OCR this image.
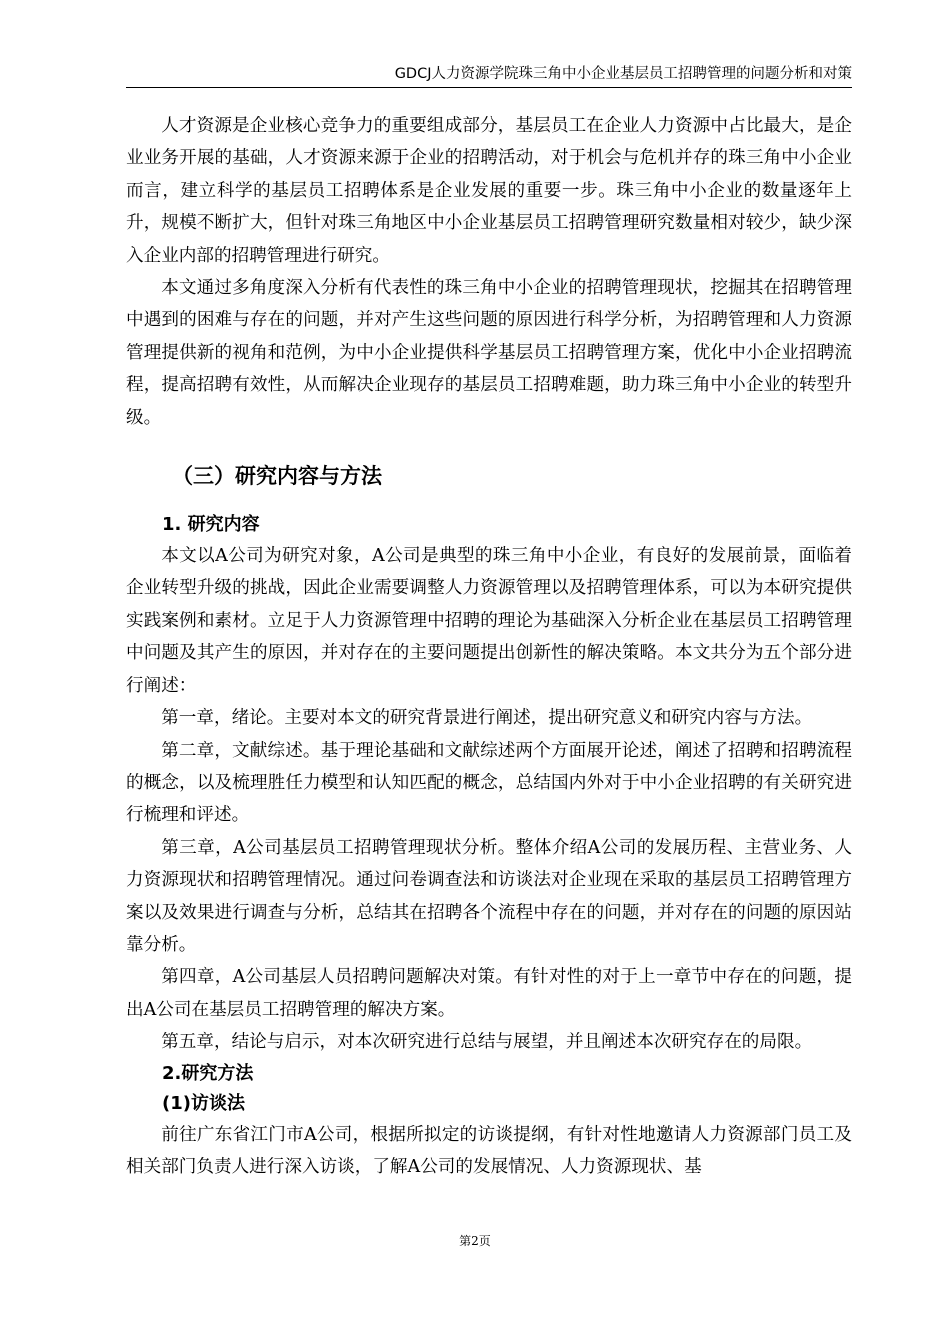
GDCJ人力资源学院珠三角中小企业基层员工招聘管理的问题分析和对策

人才资源是企业核心竞争力的重要组成部分，基层员工在企业人力资源中占比最大，是企业业务开展的基础，人才资源来源于企业的招聘活动，对于机会与危机并存的珠三角中小企业而言，建立科学的基层员工招聘体系是企业发展的重要一步。珠三角中小企业的数量逐年上升，规模不断扩大，但针对珠三角地区中小企业基层员工招聘管理研究数量相对较少，缺少深入企业内部的招聘管理进行研究。

本文通过多角度深入分析有代表性的珠三角中小企业的招聘管理现状，挖掘其在招聘管理中遇到的困难与存在的问题，并对产生这些问题的原因进行科学分析，为招聘管理和人力资源管理提供新的视角和范例，为中小企业提供科学基层员工招聘管理方案，优化中小企业招聘流程，提高招聘有效性，从而解决企业现存的基层员工招聘难题，助力珠三角中小企业的转型升级。

（三）研究内容与方法
1. 研究内容

本文以A公司为研究对象，A公司是典型的珠三角中小企业，有良好的发展前景，面临着企业转型升级的挑战，因此企业需要调整人力资源管理以及招聘管理体系，可以为本研究提供实践案例和素材。立足于人力资源管理中招聘的理论为基础深入分析企业在基层员工招聘管理中问题及其产生的原因，并对存在的主要问题提出创新性的解决策略。本文共分为五个部分进行阐述：

第一章，绪论。主要对本文的研究背景进行阐述，提出研究意义和研究内容与方法。

第二章，文献综述。基于理论基础和文献综述两个方面展开论述，阐述了招聘和招聘流程的概念，以及梳理胜任力模型和认知匹配的概念，总结国内外对于中小企业招聘的有关研究进行梳理和评述。

第三章，A公司基层员工招聘管理现状分析。整体介绍A公司的发展历程、主营业务、人力资源现状和招聘管理情况。通过问卷调查法和访谈法对企业现在采取的基层员工招聘管理方案以及效果进行调查与分析，总结其在招聘各个流程中存在的问题，并对存在的问题的原因站靠分析。

第四章，A公司基层人员招聘问题解决对策。有针对性的对于上一章节中存在的问题，提出A公司在基层员工招聘管理的解决方案。

第五章，结论与启示，对本次研究进行总结与展望，并且阐述本次研究存在的局限。

2.研究方法
(1)访谈法

前往广东省江门市A公司，根据所拟定的访谈提纲，有针对性地邀请人力资源部门员工及相关部门负责人进行深入访谈，了解A公司的发展情况、人力资源现状、基

第2页
